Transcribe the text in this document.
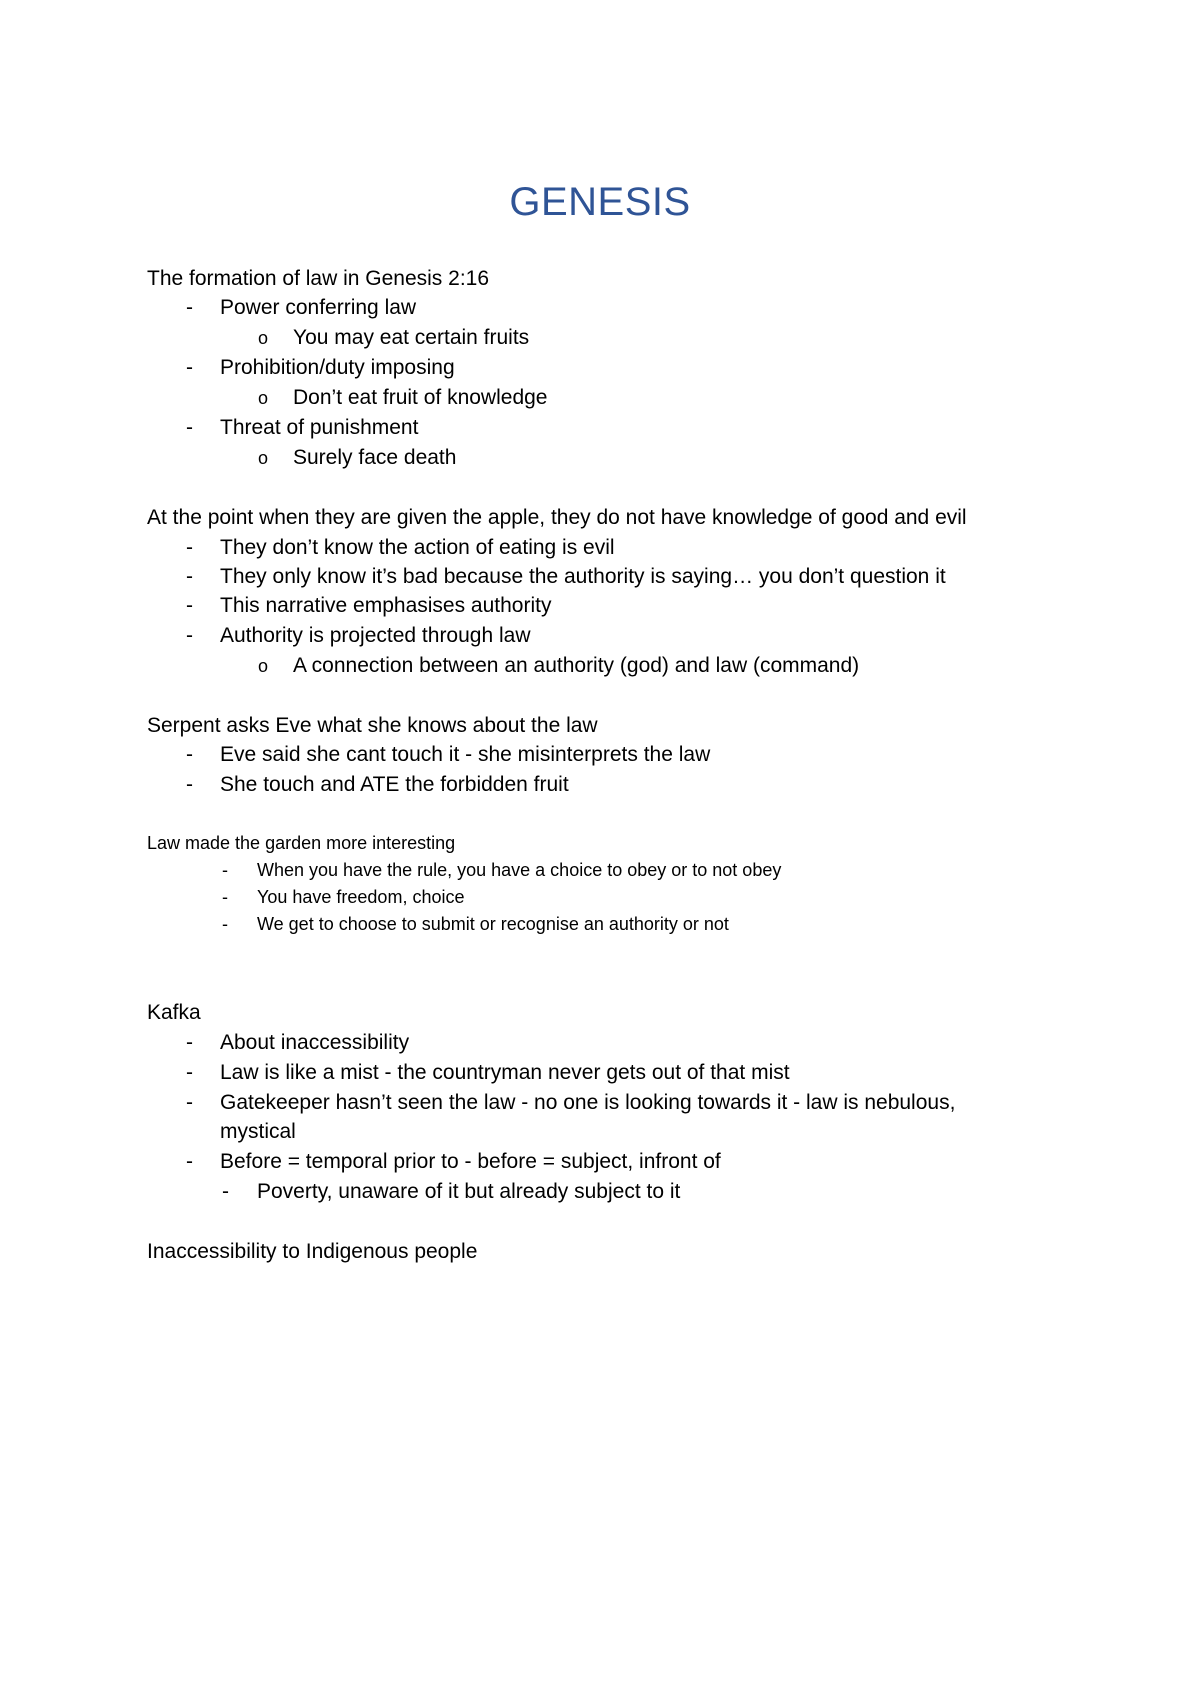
GENESIS
The formation of law in Genesis 2:16
- Power conferring law
o You may eat certain fruits
- Prohibition/duty imposing
o Don’t eat fruit of knowledge
- Threat of punishment
o Surely face death
At the point when they are given the apple, they do not have knowledge of good and evil
- They don’t know the action of eating is evil
- They only know it’s bad because the authority is saying… you don’t question it
- This narrative emphasises authority
- Authority is projected through law
o A connection between an authority (god) and law (command)
Serpent asks Eve what she knows about the law
- Eve said she cant touch it - she misinterprets the law
- She touch and ATE the forbidden fruit
Law made the garden more interesting
- When you have the rule, you have a choice to obey or to not obey
- You have freedom, choice
- We get to choose to submit or recognise an authority or not
Kafka
- About inaccessibility
- Law is like a mist - the countryman never gets out of that mist
- Gatekeeper hasn’t seen the law - no one is looking towards it - law is nebulous,
mystical
- Before = temporal prior to - before = subject, infront of
- Poverty, unaware of it but already subject to it
Inaccessibility to Indigenous people
